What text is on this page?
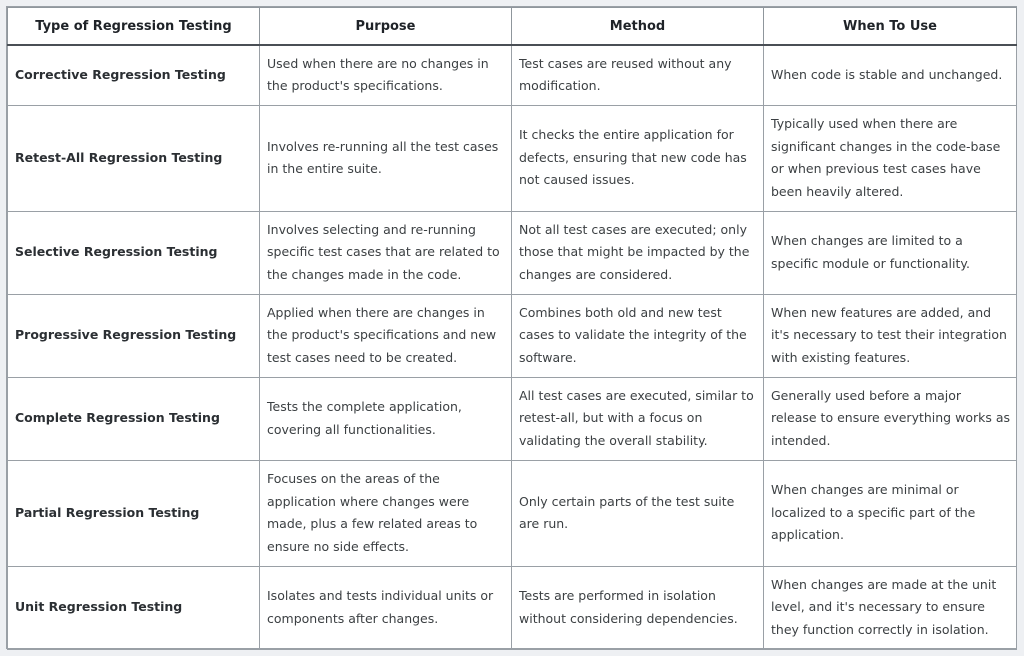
Type of Regression Testing	Purpose	Method	When To Use
Corrective Regression Testing	Used when there are no changes in the product's specifications.	Test cases are reused without any modification.	When code is stable and unchanged.
Retest-All Regression Testing	Involves re-running all the test cases in the entire suite.	It checks the entire application for defects, ensuring that new code has not caused issues.	Typically used when there are significant changes in the code-base or when previous test cases have been heavily altered.
Selective Regression Testing	Involves selecting and re-running specific test cases that are related to the changes made in the code.	Not all test cases are executed; only those that might be impacted by the changes are considered.	When changes are limited to a specific module or functionality.
Progressive Regression Testing	Applied when there are changes in the product's specifications and new test cases need to be created.	Combines both old and new test cases to validate the integrity of the software.	When new features are added, and it's necessary to test their integration with existing features.
Complete Regression Testing	Tests the complete application, covering all functionalities.	All test cases are executed, similar to retest-all, but with a focus on validating the overall stability.	Generally used before a major release to ensure everything works as intended.
Partial Regression Testing	Focuses on the areas of the application where changes were made, plus a few related areas to ensure no side effects.	Only certain parts of the test suite are run.	When changes are minimal or localized to a specific part of the application.
Unit Regression Testing	Isolates and tests individual units or components after changes.	Tests are performed in isolation without considering dependencies.	When changes are made at the unit level, and it's necessary to ensure they function correctly in isolation.
